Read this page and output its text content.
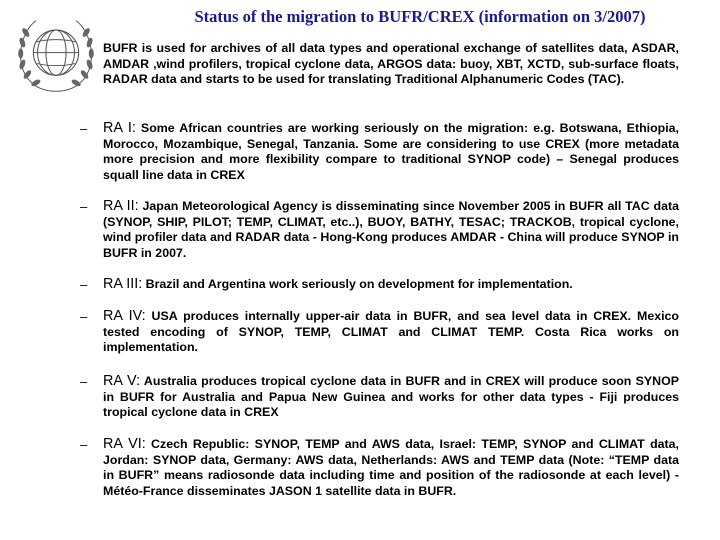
Status of the migration to BUFR/CREX (information on 3/2007)

BUFR is used for archives of all data types and operational exchange of satellites data, ASDAR, AMDAR ,wind profilers, tropical cyclone data, ARGOS data: buoy, XBT, XCTD, sub-surface floats, RADAR data and starts to be used for translating Traditional Alphanumeric Codes (TAC).

– RA I: Some African countries are working seriously on the migration: e.g. Botswana, Ethiopia, Morocco, Mozambique, Senegal, Tanzania. Some are considering to use CREX (more metadata more precision and more flexibility compare to traditional SYNOP code) – Senegal produces squall line data in CREX

– RA II: Japan Meteorological Agency is disseminating since November 2005 in BUFR all TAC data (SYNOP, SHIP, PILOT; TEMP, CLIMAT, etc..), BUOY, BATHY, TESAC; TRACKOB, tropical cyclone, wind profiler data and RADAR data - Hong-Kong produces AMDAR - China will produce SYNOP in BUFR in 2007.

– RA III: Brazil and Argentina work seriously on development for implementation.

– RA IV: USA produces internally upper-air data in BUFR, and sea level data in CREX. Mexico tested encoding of SYNOP, TEMP, CLIMAT and CLIMAT TEMP. Costa Rica works on implementation.

– RA V: Australia produces tropical cyclone data in BUFR and in CREX will produce soon SYNOP in BUFR for Australia and Papua New Guinea and works for other data types - Fiji produces tropical cyclone data in CREX

– RA VI: Czech Republic: SYNOP, TEMP and AWS data, Israel: TEMP, SYNOP and CLIMAT data, Jordan: SYNOP data, Germany: AWS data, Netherlands: AWS and TEMP data (Note: “TEMP data in BUFR” means radiosonde data including time and position of the radiosonde at each level) - Météo-France disseminates JASON 1 satellite data in BUFR.
